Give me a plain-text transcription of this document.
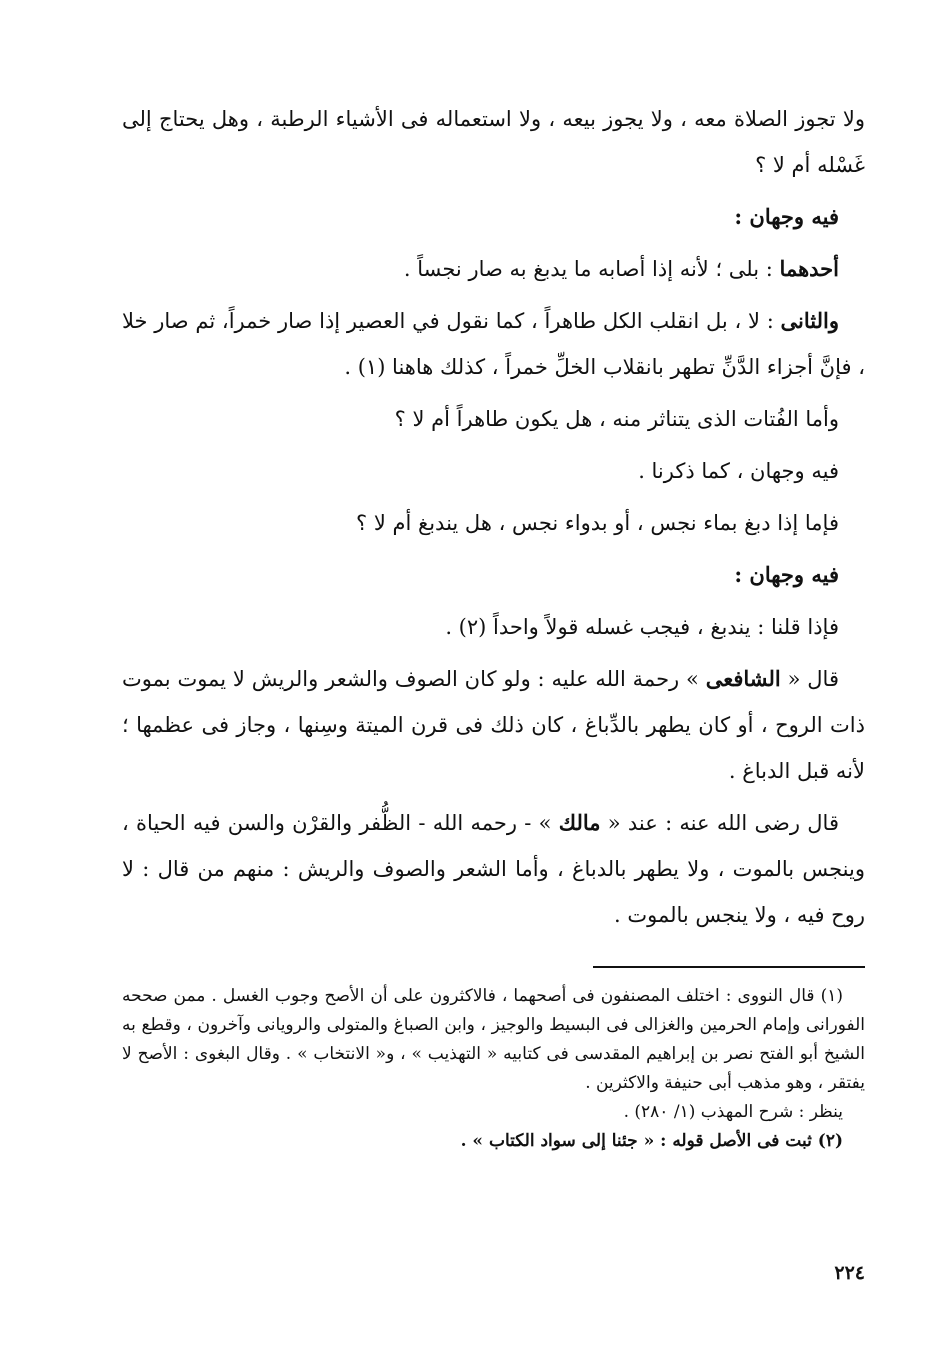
ولا تجوز الصلاة معه ، ولا يجوز بيعه ، ولا استعماله فى الأشياء الرطبة ، وهل يحتاج إلى غَسْله أم لا ؟

فيه وجهان :

أحدهما : بلى ؛ لأنه إذا أصابه ما يدبغ به صار نجساً .

والثانى : لا ، بل انقلب الكل طاهراً ، كما نقول في العصير إذا صار خمراً، ثم صار خلا ، فإنَّ أجزاء الدَّنِّ تطهر بانقلاب الخلِّ خمراً ، كذلك هاهنا (١) .

وأما الفُتات الذى يتناثر منه ، هل يكون طاهراً أم لا ؟

فيه وجهان ، كما ذكرنا .

فإما إذا دبغ بماء نجس ، أو بدواء نجس ، هل يندبغ أم لا ؟

فيه وجهان :

فإذا قلنا : يندبغ ، فيجب غسله قولاً واحداً (٢) .

قال « الشافعى » رحمة الله عليه : ولو كان الصوف والشعر والريش لا يموت بموت ذات الروح ، أو كان يطهر بالدِّباغ ، كان ذلك فى قرن الميتة وسِنها ، وجاز فى عظمها ؛ لأنه قبل الدباغ .

قال رضى الله عنه : عند « مالك » - رحمه الله - الظُّفر والقرْن والسن فيه الحياة ، وينجس بالموت ، ولا يطهر بالدباغ ، وأما الشعر والصوف والريش : منهم من قال : لا روح فيه ، ولا ينجس بالموت .

(١) قال النووى : اختلف المصنفون فى أصحهما ، فالاكثرون على أن الأصح وجوب الغسل . ممن صححه الفورانى وإمام الحرمين والغزالى فى البسيط والوجيز ، وابن الصباغ والمتولى والرويانى وآخرون ، وقطع به الشيخ أبو الفتح نصر بن إبراهيم المقدسى فى كتابيه « التهذيب » ، و« الانتخاب » . وقال البغوى : الأصح لا يفتقر ، وهو مذهب أبى حنيفة والاكثرين .

ينظر : شرح المهذب (١/ ٢٨٠) .

(٢) ثبت فى الأصل قوله : « جئنا إلى سواد الكتاب » .

٢٢٤
